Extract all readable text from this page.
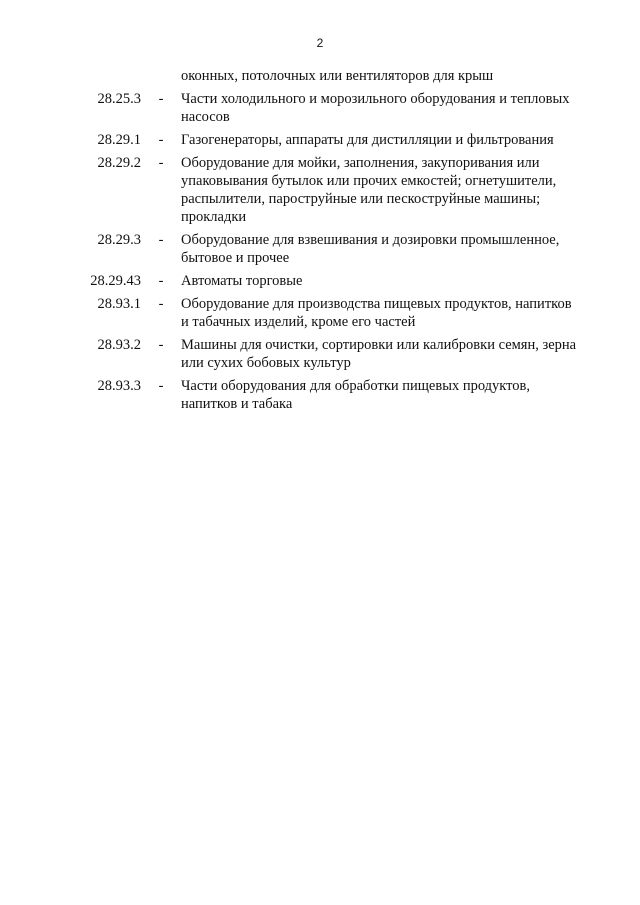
2
оконных, потолочных или вентиляторов для крыш
28.25.3	-	Части холодильного и морозильного оборудования и тепловых насосов
28.29.1	-	Газогенераторы, аппараты для дистилляции и фильтрования
28.29.2	-	Оборудование для мойки, заполнения, закупоривания или упаковывания бутылок или прочих емкостей; огнетушители, распылители, пароструйные или пескоструйные машины; прокладки
28.29.3	-	Оборудование для взвешивания и дозировки промышленное, бытовое и прочее
28.29.43	-	Автоматы торговые
28.93.1	-	Оборудование для производства пищевых продуктов, напитков и табачных изделий, кроме его частей
28.93.2	-	Машины для очистки, сортировки или калибровки семян, зерна или сухих бобовых культур
28.93.3	-	Части оборудования для обработки пищевых продуктов, напитков и табака
